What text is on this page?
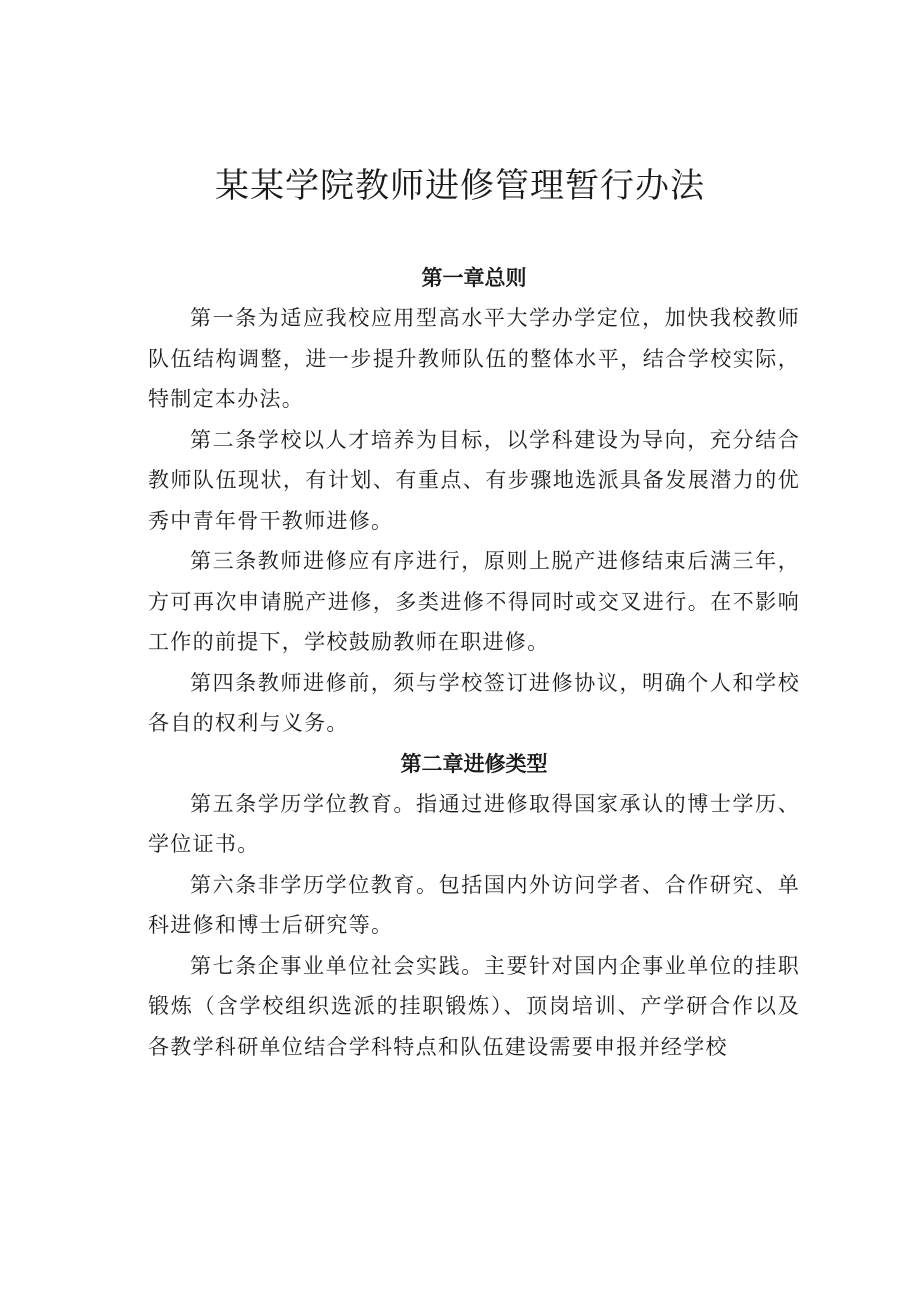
某某学院教师进修管理暂行办法
第一章总则

第一条为适应我校应用型高水平大学办学定位，加快我校教师队伍结构调整，进一步提升教师队伍的整体水平，结合学校实际，特制定本办法。

第二条学校以人才培养为目标，以学科建设为导向，充分结合教师队伍现状，有计划、有重点、有步骤地选派具备发展潜力的优秀中青年骨干教师进修。

第三条教师进修应有序进行，原则上脱产进修结束后满三年，方可再次申请脱产进修，多类进修不得同时或交叉进行。在不影响工作的前提下，学校鼓励教师在职进修。

第四条教师进修前，须与学校签订进修协议，明确个人和学校各自的权利与义务。

第二章进修类型

第五条学历学位教育。指通过进修取得国家承认的博士学历、学位证书。

第六条非学历学位教育。包括国内外访问学者、合作研究、单科进修和博士后研究等。

第七条企事业单位社会实践。主要针对国内企事业单位的挂职锻炼（含学校组织选派的挂职锻炼）、顶岗培训、产学研合作以及各教学科研单位结合学科特点和队伍建设需要申报并经学校
